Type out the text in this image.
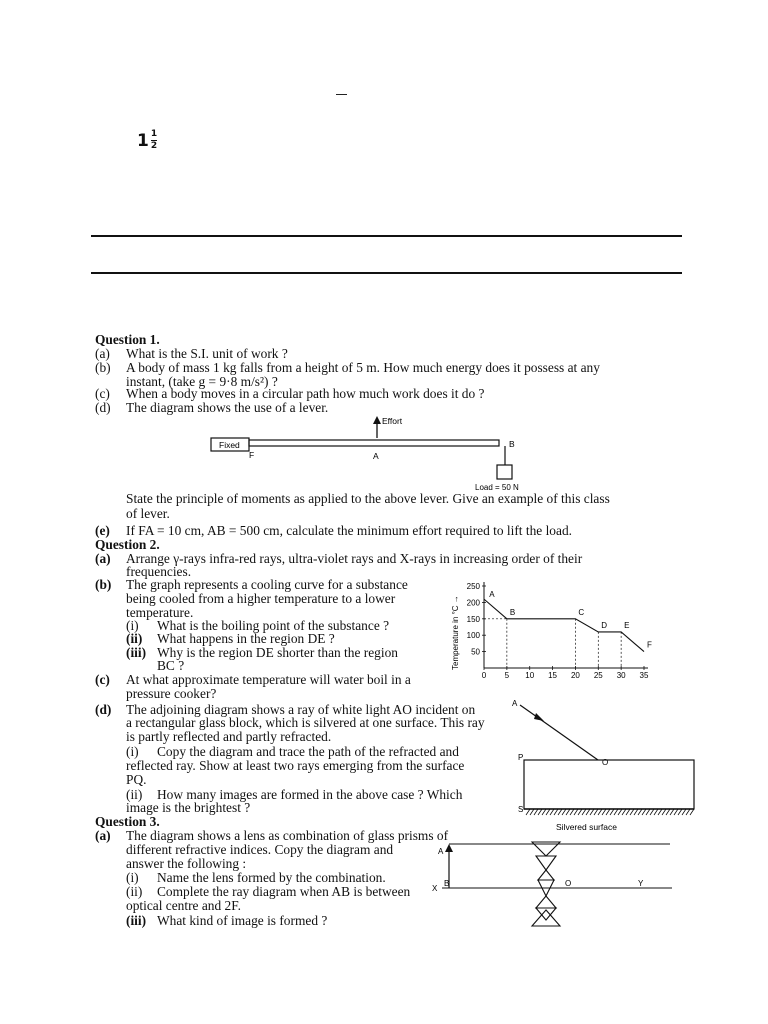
$1 \frac{1}{2}$
Question 1.
(a) What is the S.I. unit of work ?
(b) A body of mass 1 kg falls from a height of 5 m. How much energy does it possess at any
instant, (take g = 9·8 m/s²) ?
(c) When a body moves in a circular path how much work does it do ?
(d) The diagram shows the use of a lever.
Effort
Fixed
F	A
B
Load = 50 N
State the principle of moments as applied to the above lever. Give an example of this class
of lever.
(e) If FA = 10 cm, AB = 500 cm, calculate the minimum effort required to lift the load.
Question 2.
(a) Arrange γ-rays infra-red rays, ultra-violet rays and X-rays in increasing order of their
frequencies.
(b) The graph represents a cooling curve for a substance
being cooled from a higher temperature to a lower
temperature.
(i) What is the boiling point of the substance ?
(ii) What happens in the region DE ?
(iii) Why is the region DE shorter than the region
BC ?	Temperature in °C →
0 5 10 15 20 25 30 35
50
100
150
200
250
A
B	C
D E
F
(c) At what approximate temperature will water boil in a
pressure cooker?
(d) The adjoining diagram shows a ray of white light AO incident on
a rectangular glass block, which is silvered at one surface. This ray
is partly reflected and partly refracted.
(i) Copy the diagram and trace the path of the refracted and
reflected ray. Show at least two rays emerging from the surface
PQ.
(ii) How many images are formed in the above case ? Which
image is the brightest ?
A
P
O
S
Silvered surface
Question 3.
(a) The diagram shows a lens as combination of glass prisms of
different refractive indices. Copy the diagram and
answer the following :
(i) Name the lens formed by the combination.
(ii) Complete the ray diagram when AB is between
optical centre and 2F.
(iii) What kind of image is formed ?
A
X
B	O	Y
